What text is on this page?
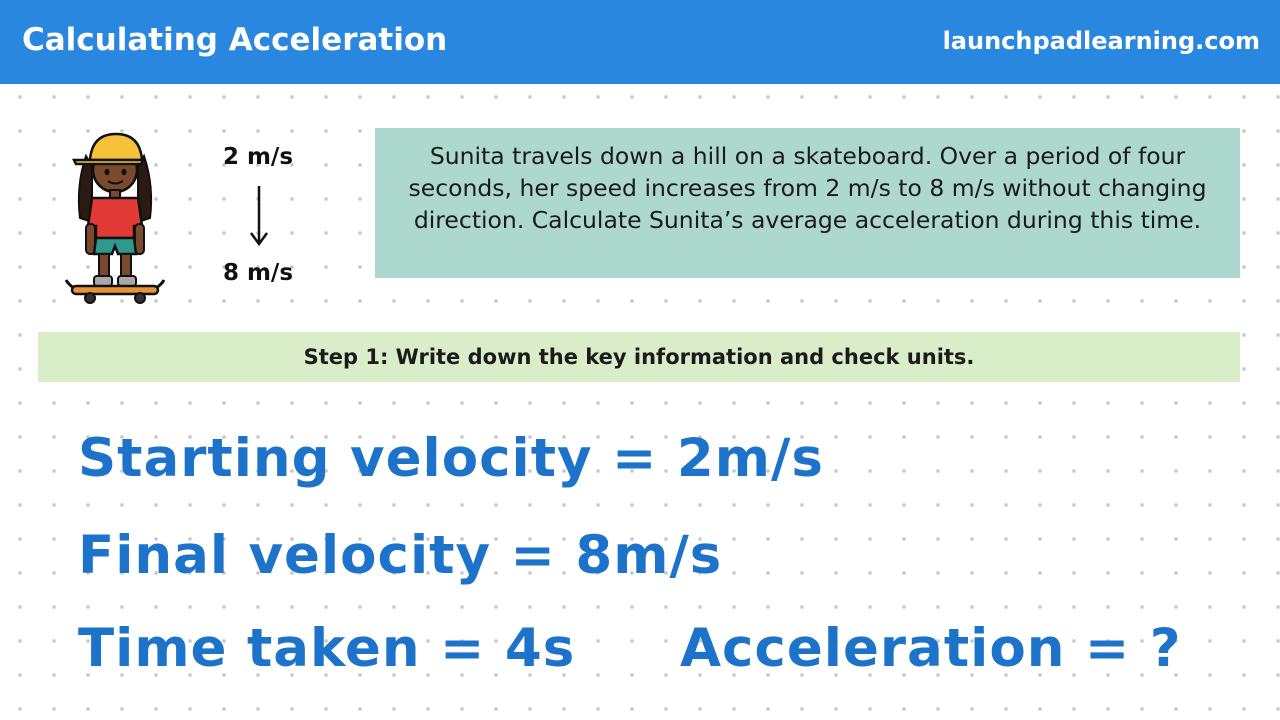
Calculating Acceleration	launchpadlearning.com
2 m/s
8 m/s
Sunita travels down a hill on a skateboard. Over a period of four seconds, her speed increases from 2 m/s to 8 m/s without changing direction. Calculate Sunita’s average acceleration during this time.
Step 1: Write down the key information and check units.
Starting velocity = 2m/s
Final velocity = 8m/s
Time taken = 4s Acceleration = ?
